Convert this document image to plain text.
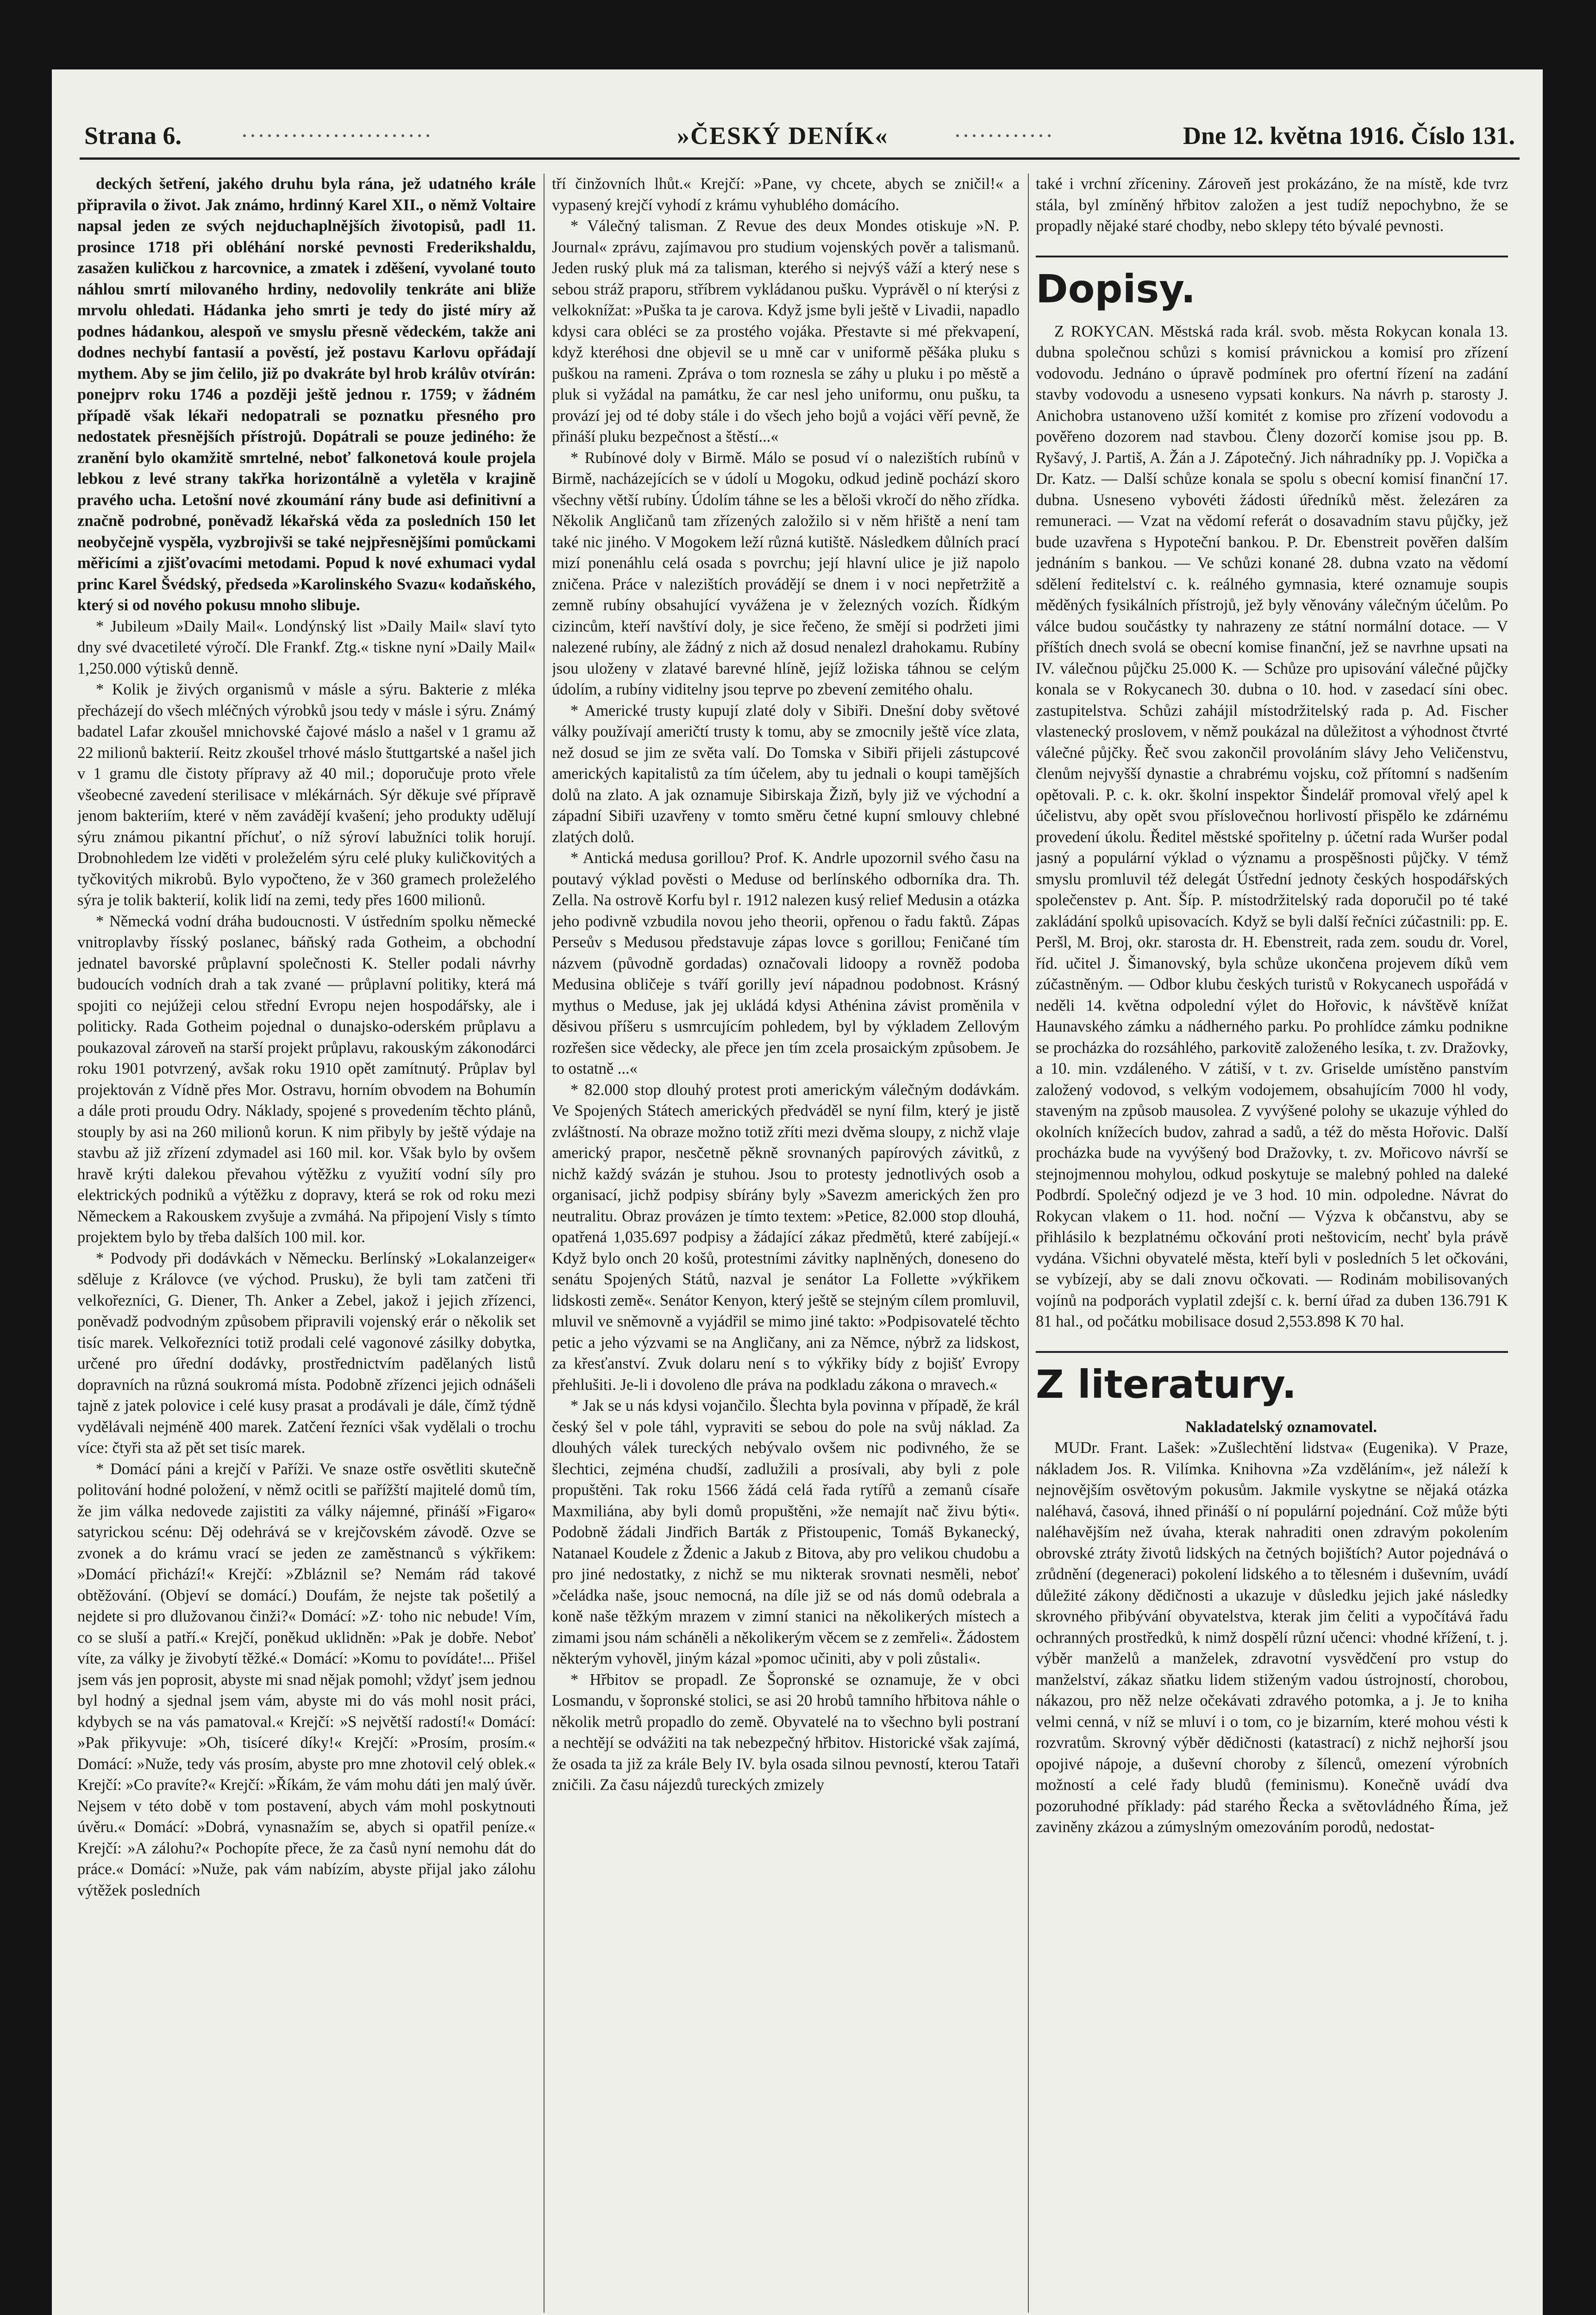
Strana 6.	·······················	»ČESKÝ DENÍK«	············	Dne 12. května 1916. Číslo 131.

deckých šetření, jakého druhu byla rána, jež udatného krále připravila o život. Jak známo, hrdinný Karel XII., o němž Voltaire napsal jeden ze svých nejduchaplnějších životopisů, padl 11. prosince 1718 při obléhání norské pevnosti Frederikshaldu, zasažen kuličkou z harcovnice, a zmatek i zděšení, vyvolané touto náhlou smrtí milovaného hrdiny, nedovolily tenkráte ani bliže mrvolu ohledati. Hádanka jeho smrti je tedy do jisté míry až podnes hádankou, alespoň ve smyslu přesně vědeckém, takže ani dodnes nechybí fantasií a pověstí, jež postavu Karlovu opřádají mythem. Aby se jim čelilo, již po dvakráte byl hrob králův otvírán: ponejprv roku 1746 a později ještě jednou r. 1759; v žádném případě však lékaři nedopatrali se poznatku přesného pro nedostatek přesnějších přístrojů. Dopátrali se pouze jediného: že zranění bylo okamžitě smrtelné, neboť falkonetová koule projela lebkou z levé strany takřka horizontálně a vyletěla v krajině pravého ucha. Letošní nové zkoumání rány bude asi definitivní a značně podrobné, poněvadž lékařská věda za posledních 150 let neobyčejně vyspěla, vyzbrojivši se také nejpřesnějšími pomůckami měřicími a zjišťovacími metodami. Popud k nové exhumaci vydal princ Karel Švédský, předseda »Karolinského Svazu« kodaňského, který si od nového pokusu mnoho slibuje.

* Jubileum »Daily Mail«. Londýnský list »Daily Mail« slaví tyto dny své dvacetileté výročí. Dle Frankf. Ztg.« tiskne nyní »Daily Mail« 1,250.000 výtisků denně.

* Kolik je živých organismů v másle a sýru. Bakterie z mléka přecházejí do všech mléčných výrobků jsou tedy v másle i sýru. Známý badatel Lafar zkoušel mnichovské čajové máslo a našel v 1 gramu až 22 milionů bakterií. Reitz zkoušel trhové máslo štuttgartské a našel jich v 1 gramu dle čistoty přípravy až 40 mil.; doporučuje proto vřele všeobecné zavedení sterilisace v mlékárnách. Sýr děkuje své přípravě jenom bakteriím, které v něm zavádějí kvašení; jeho produkty udělují sýru známou pikantní příchuť, o níž sýroví labužníci tolik horují. Drobnohledem lze viděti v proleželém sýru celé pluky kuličkovitých a tyčkovitých mikrobů. Bylo vypočteno, že v 360 gramech proleželého sýra je tolik bakterií, kolik lidí na zemi, tedy přes 1600 milionů.

* Německá vodní dráha budoucnosti. V ústředním spolku německé vnitroplavby řísský poslanec, báňský rada Gotheim, a obchodní jednatel bavorské průplavní společnosti K. Steller podali návrhy budoucích vodních drah a tak zvané — průplavní politiky, která má spojiti co nejúžeji celou střední Evropu nejen hospodářsky, ale i politicky. Rada Gotheim pojednal o dunajsko-oderském průplavu a poukazoval zároveň na starší projekt průplavu, rakouským zákonodárci roku 1901 potvrzený, avšak roku 1910 opět zamítnutý. Průplav byl projektován z Vídně přes Mor. Ostravu, horním obvodem na Bohumín a dále proti proudu Odry. Náklady, spojené s provedením těchto plánů, stouply by asi na 260 milionů korun. K nim přibyly by ještě výdaje na stavbu až již zřízení zdymadel asi 160 mil. kor. Však bylo by ovšem hravě krýti dalekou převahou výtěžku z využití vodní síly pro elektrických podniků a výtěžku z dopravy, která se rok od roku mezi Německem a Rakouskem zvyšuje a zvmáhá. Na připojení Visly s tímto projektem bylo by třeba dalších 100 mil. kor.

* Podvody při dodávkách v Německu. Berlínský »Lokalanzeiger« sděluje z Královce (ve východ. Prusku), že byli tam zatčeni tři velkořezníci, G. Diener, Th. Anker a Zebel, jakož i jejich zřízenci, poněvadž podvodným způsobem připravili vojenský erár o několik set tisíc marek. Velkořezníci totiž prodali celé vagonové zásilky dobytka, určené pro úřední dodávky, prostřednictvím padělaných listů dopravních na různá soukromá místa. Podobně zřízenci jejich odnášeli tajně z jatek polovice i celé kusy prasat a prodávali je dále, čímž týdně vydělávali nejméně 400 marek. Zatčení řezníci však vydělali o trochu více: čtyři sta až pět set tisíc marek.

* Domácí páni a krejčí v Paříži. Ve snaze ostře osvětliti skutečně politování hodné položení, v němž ocitli se pařížští majitelé domů tím, že jim válka nedovede zajistiti za války nájemné, přináší »Figaro« satyrickou scénu: Děj odehrává se v krejčovském závodě. Ozve se zvonek a do krámu vrací se jeden ze zaměstnanců s výkřikem: »Domácí přichází!« Krejčí: »Zbláznil se? Nemám rád takové obtěžování. (Objeví se domácí.) Doufám, že nejste tak pošetilý a nejdete si pro dlužovanou činži?« Domácí: »Z· toho nic nebude! Vím, co se sluší a patří.« Krejčí, poněkud uklidněn: »Pak je dobře. Neboť víte, za války je živobytí těžké.« Domácí: »Komu to povídáte!... Přišel jsem vás jen poprosit, abyste mi snad nějak pomohl; vždyť jsem jednou byl hodný a sjednal jsem vám, abyste mi do vás mohl nosit práci, kdybych se na vás pamatoval.« Krejčí: »S největší radostí!« Domácí: »Pak přikyvuje: »Oh, tisíceré díky!« Krejčí: »Prosím, prosím.« Domácí: »Nuže, tedy vás prosím, abyste pro mne zhotovil celý oblek.« Krejčí: »Co pravíte?« Krejčí: »Říkám, že vám mohu dáti jen malý úvěr. Nejsem v této době v tom postavení, abych vám mohl poskytnouti úvěru.« Domácí: »Dobrá, vynasnažím se, abych si opatřil peníze.« Krejčí: »A zálohu?« Pochopíte přece, že za časů nyní nemohu dát do práce.« Domácí: »Nuže, pak vám nabízím, abyste přijal jako zálohu výtěžek posledních

tří činžovních lhůt.« Krejčí: »Pane, vy chcete, abych se zničil!« a vypasený krejčí vyhodí z krámu vyhublého domácího.

* Válečný talisman. Z Revue des deux Mondes otiskuje »N. P. Journal« zprávu, zajímavou pro studium vojenských pověr a talismanů. Jeden ruský pluk má za talisman, kterého si nejvýš váží a který nese s sebou stráž praporu, stříbrem vykládanou pušku. Vyprávěl o ní kterýsi z velkoknížat: »Puška ta je carova. Když jsme byli ještě v Livadii, napadlo kdysi cara obléci se za prostého vojáka. Přestavte si mé překvapení, když kteréhosi dne objevil se u mně car v uniformě pěšáka pluku s puškou na rameni. Zpráva o tom roznesla se záhy u pluku i po městě a pluk si vyžádal na památku, že car nesl jeho uniformu, onu pušku, ta provází jej od té doby stále i do všech jeho bojů a vojáci věří pevně, že přináší pluku bezpečnost a štěstí...«

* Rubínové doly v Birmě. Málo se posud ví o nalezištích rubínů v Birmě, nacházejících se v údolí u Mogoku, odkud jedině pochází skoro všechny větší rubíny. Údolím táhne se les a běloši vkročí do něho zřídka. Několik Angličanů tam zřízených založilo si v něm hřiště a není tam také nic jiného. V Mogokem leží různá kutiště. Následkem důlních prací mizí ponenáhlu celá osada s povrchu; její hlavní ulice je již napolo zničena. Práce v nalezištích provádějí se dnem i v noci nepřetržitě a zemně rubíny obsahující vyvážena je v železných vozích. Řídkým cizincům, kteří navštíví doly, je sice řečeno, že smějí si podržeti jimi nalezené rubíny, ale žádný z nich až dosud nenalezl drahokamu. Rubíny jsou uloženy v zlatavé barevné hlíně, jejíž ložiska táhnou se celým údolím, a rubíny viditelny jsou teprve po zbevení zemitého ohalu.

* Americké trusty kupují zlaté doly v Sibiři. Dnešní doby světové války používají američtí trusty k tomu, aby se zmocnily ještě více zlata, než dosud se jim ze světa valí. Do Tomska v Sibiři přijeli zástupcové amerických kapitalistů za tím účelem, aby tu jednali o koupi tamějších dolů na zlato. A jak oznamuje Sibirskaja Žizň, byly již ve východní a západní Sibiři uzavřeny v tomto směru četné kupní smlouvy chlebné zlatých dolů.

* Antická medusa gorillou? Prof. K. Andrle upozornil svého času na poutavý výklad pověsti o Meduse od berlínského odborníka dra. Th. Zella. Na ostrově Korfu byl r. 1912 nalezen kusý relief Medusin a otázka jeho podivně vzbudila novou jeho theorii, opřenou o řadu faktů. Zápas Perseův s Medusou představuje zápas lovce s gorillou; Feničané tím názvem (původně gordadas) označovali lidoopy a rovněž podoba Medusina obličeje s tváří gorilly jeví nápadnou podobnost. Krásný mythus o Meduse, jak jej ukládá kdysi Athénina závist proměnila v děsivou příšeru s usmrcujícím pohledem, byl by výkladem Zellovým rozřešen sice vědecky, ale přece jen tím zcela prosaickým způsobem. Je to ostatně ...«

* 82.000 stop dlouhý protest proti americkým válečným dodávkám. Ve Spojených Státech amerických předváděl se nyní film, který je jistě zvláštností. Na obraze možno totiž zříti mezi dvěma sloupy, z nichž vlaje americký prapor, nesčetně pěkně srovnaných papírových závitků, z nichž každý svázán je stuhou. Jsou to protesty jednotlivých osob a organisací, jichž podpisy sbírány byly »Savezm amerických žen pro neutralitu. Obraz provázen je tímto textem: »Petice, 82.000 stop dlouhá, opatřená 1,035.697 podpisy a žádající zákaz předmětů, které zabíjejí.« Když bylo onch 20 košů, protestními závitky naplněných, doneseno do senátu Spojených Států, nazval je senátor La Follette »výkřikem lidskosti země«. Senátor Kenyon, který ještě se stejným cílem promluvil, mluvil ve sněmovně a vyjádřil se mimo jiné takto: »Podpisovatelé těchto petic a jeho výzvami se na Angličany, ani za Němce, nýbrž za lidskost, za křesťanství. Zvuk dolaru není s to výkřiky bídy z bojišť Evropy přehlušiti. Je-li i dovoleno dle práva na podkladu zákona o mravech.«

* Jak se u nás kdysi vojančilo. Šlechta byla povinna v případě, že král český šel v pole táhl, vypraviti se sebou do pole na svůj náklad. Za dlouhých válek tureckých nebývalo ovšem nic podivného, že se šlechtici, zejména chudší, zadlužili a prosívali, aby byli z pole propuštěni. Tak roku 1566 žádá celá řada rytířů a zemanů císaře Maxmiliána, aby byli domů propuštěni, »že nemajít nač živu býti«. Podobně žádali Jindřich Barták z Přistoupenic, Tomáš Bykanecký, Natanael Koudele z Ždenic a Jakub z Bitova, aby pro velikou chudobu a pro jiné nedostatky, z nichž se mu nikterak srovnati nesměli, neboť »čeládka naše, jsouc nemocná, na díle již se od nás domů odebrala a koně naše těžkým mrazem v zimní stanici na několikerých místech a zimami jsou nám scháněli a několikerým věcem se z zemřeli«. Žádostem některým vyhověl, jiným kázal »pomoc učiniti, aby v poli zůstali«.

* Hřbitov se propadl. Ze Šopronské se oznamuje, že v obci Losmandu, v šopronské stolici, se asi 20 hrobů tamního hřbitova náhle o několik metrů propadlo do země. Obyvatelé na to všechno byli postraní a nechtějí se odvážiti na tak nebezpečný hřbitov. Historické však zajímá, že osada ta již za krále Bely IV. byla osada silnou pevností, kterou Tataři zničili. Za času nájezdů tureckých zmizely

také i vrchní zříceniny. Zároveň jest prokázáno, že na místě, kde tvrz stála, byl zmíněný hřbitov založen a jest tudíž nepochybno, že se propadly nějaké staré chodby, nebo sklepy této bývalé pevnosti.

Dopisy.

Z ROKYCAN. Městská rada král. svob. města Rokycan konala 13. dubna společnou schůzi s komisí právnickou a komisí pro zřízení vodovodu. Jednáno o úpravě podmínek pro ofertní řízení na zadání stavby vodovodu a usneseno vypsati konkurs. Na návrh p. starosty J. Anichobra ustanoveno užší komitét z komise pro zřízení vodovodu a pověřeno dozorem nad stavbou. Členy dozorčí komise jsou pp. B. Ryšavý, J. Partiš, A. Žán a J. Zápotečný. Jich náhradníky pp. J. Vopička a Dr. Katz. — Další schůze konala se spolu s obecní komisí finanční 17. dubna. Usneseno vybovéti žádosti úředníků měst. železáren za remuneraci. — Vzat na vědomí referát o dosavadním stavu půjčky, jež bude uzavřena s Hypoteční bankou. P. Dr. Ebenstreit pověřen dalším jednáním s bankou. — Ve schůzi konané 28. dubna vzato na vědomí sdělení ředitelství c. k. reálného gymnasia, které oznamuje soupis měděných fysikálních přístrojů, jež byly věnovány válečným účelům. Po válce budou součástky ty nahrazeny ze státní normální dotace. — V příštích dnech svolá se obecní komise finanční, jež se navrhne upsati na IV. válečnou půjčku 25.000 K. — Schůze pro upisování válečné půjčky konala se v Rokycanech 30. dubna o 10. hod. v zasedací síni obec. zastupitelstva. Schůzi zahájil místodržitelský rada p. Ad. Fischer vlastenecký proslovem, v němž poukázal na důležitost a výhodnost čtvrté válečné půjčky. Řeč svou zakončil provoláním slávy Jeho Veličenstvu, členům nejvyšší dynastie a chrabrému vojsku, což přítomní s nadšením opětovali. P. c. k. okr. školní inspektor Šindelář promoval vřelý apel k účelistvu, aby opět svou příslovečnou horlivostí přispělo ke zdárnému provedení úkolu. Ředitel městské spořitelny p. účetní rada Wuršer podal jasný a populární výklad o významu a prospěšnosti půjčky. V témž smyslu promluvil též delegát Ústřední jednoty českých hospodářských společenstev p. Ant. Šíp. P. místodržitelský rada doporučil po té také zakládání spolků upisovacích. Když se byli další řečníci zúčastnili: pp. E. Peršl, M. Broj, okr. starosta dr. H. Ebenstreit, rada zem. soudu dr. Vorel, říd. učitel J. Šimanovský, byla schůze ukončena projevem díků vem zúčastněným. — Odbor klubu českých turistů v Rokycanech uspořádá v neděli 14. května odpolední výlet do Hořovic, k návštěvě knížat Haunavského zámku a nádherného parku. Po prohlídce zámku podnikne se procházka do rozsáhlého, parkovitě založeného lesíka, t. zv. Dražovky, a 10. min. vzdáleného. V zátiší, v t. zv. Griselde umístěno panstvím založený vodovod, s velkým vodojemem, obsahujícím 7000 hl vody, staveným na způsob mausolea. Z vyvýšené polohy se ukazuje výhled do okolních knížecích budov, zahrad a sadů, a též do města Hořovic. Další procházka bude na vyvýšený bod Dražovky, t. zv. Mořicovo návrší se stejnojmennou mohylou, odkud poskytuje se malebný pohled na daleké Podbrdí. Společný odjezd je ve 3 hod. 10 min. odpoledne. Návrat do Rokycan vlakem o 11. hod. noční — Výzva k občanstvu, aby se přihlásilo k bezplatnému očkování proti neštovicím, nechť byla právě vydána. Všichni obyvatelé města, kteří byli v posledních 5 let očkováni, se vybízejí, aby se dali znovu očkovati. — Rodinám mobilisovaných vojínů na podporách vyplatil zdejší c. k. berní úřad za duben 136.791 K 81 hal., od počátku mobilisace dosud 2,553.898 K 70 hal.

Z literatury.

Nakladatelský oznamovatel.

MUDr. Frant. Lašek: »Zušlechtění lidstva« (Eugenika). V Praze, nákladem Jos. R. Vilímka. Knihovna »Za vzděláním«, jež náleží k nejnovějším osvětovým pokusům. Jakmile vyskytne se nějaká otázka naléhavá, časová, ihned přináší o ní populární pojednání. Což může býti naléhavějším než úvaha, kterak nahraditi onen zdravým pokolením obrovské ztráty životů lidských na četných bojištích? Autor pojednává o zrůdnění (degeneraci) pokolení lidského a to tělesném i duševním, uvádí důležité zákony dědičnosti a ukazuje v důsledku jejich jaké následky skrovného přibývání obyvatelstva, kterak jim čeliti a vypočítává řadu ochranných prostředků, k nimž dospělí různí učenci: vhodné křížení, t. j. výběr manželů a manželek, zdravotní vysvědčení pro vstup do manželství, zákaz sňatku lidem stiženým vadou ústrojností, chorobou, nákazou, pro něž nelze očekávati zdravého potomka, a j. Je to kniha velmi cenná, v níž se mluví i o tom, co je bizarním, které mohou vésti k rozvratům. Skrovný výběr dědičnosti (katastrací) z nichž nejhorší jsou opojivé nápoje, a duševní choroby z šílenců, omezení výrobních možností a celé řady bludů (feminismu). Konečně uvádí dva pozoruhodné příklady: pád starého Řecka a světovládného Říma, jež zaviněny zkázou a zúmyslným omezováním porodů, nedostat-
